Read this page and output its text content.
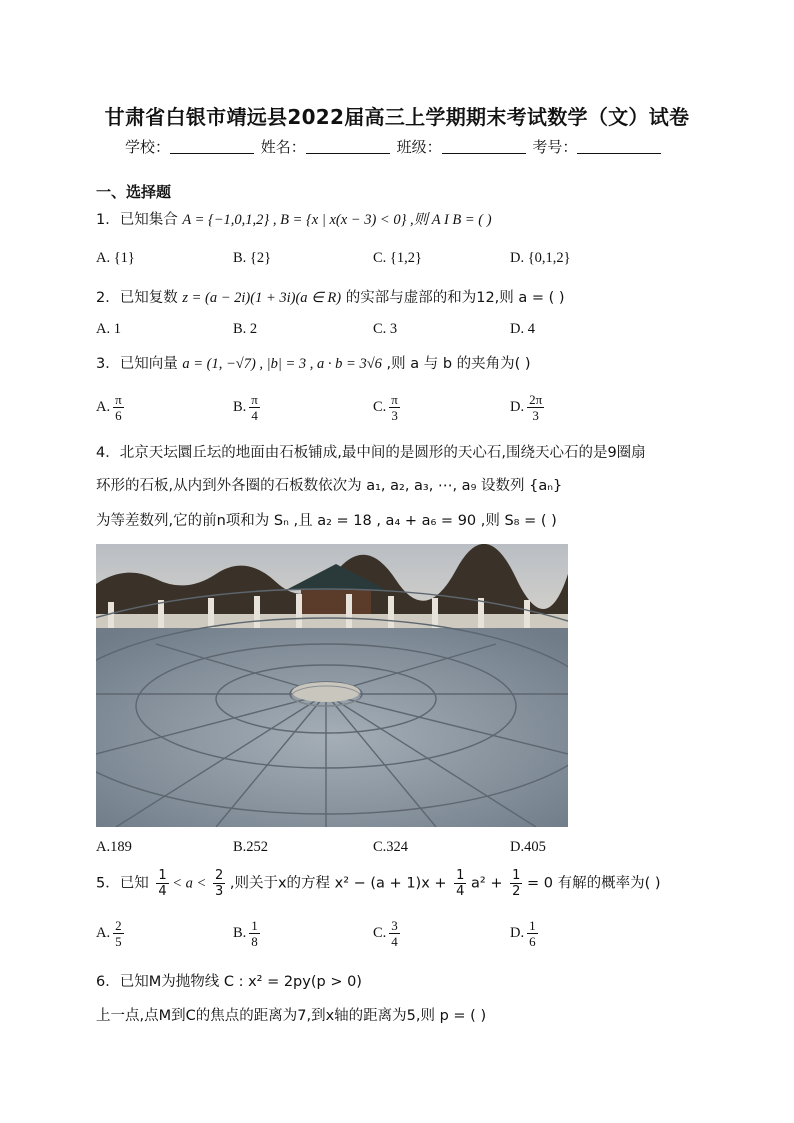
甘肃省白银市靖远县2022届高三上学期期末考试数学（文）试卷
学校：	姓名：	班级：	考号：
一、选择题
1．已知集合 A = {−1,0,1,2} , B = {x | x(x − 3) < 0} ,则 A I B = ( )
A. {1}	B. {2}	C. {1,2}	D. {0,1,2}
2．已知复数 z = (a − 2i)(1 + 3i)(a ∈ R) 的实部与虚部的和为12,则 a = ( )
A. 1	B. 2	C. 3	D. 4
3．已知向量 a = (1, −√7) , |b| = 3 , a · b = 3√6 ,则 a 与 b 的夹角为( )
A. $\frac{\pi}{6}$	B. $\frac{\pi}{4}$	C. $\frac{\pi}{3}$	D. $\frac{2\pi}{3}$
4．北京天坛圜丘坛的地面由石板铺成,最中间的是圆形的天心石,围绕天心石的是9圈扇
环形的石板,从内到外各圈的石板数依次为 a₁, a₂, a₃, ⋯, a₉ 设数列 {aₙ}
为等差数列,它的前n项和为 Sₙ ,且 a₂ = 18 , a₄ + a₆ = 90 ,则 S₈ = ( )
A.189	B.252	C.324	D.405
5．已知 $\frac{1}{4} < a < \frac{2}{3}$ ,则关于x的方程 $x^2 - (a + 1)x + \frac{1}{4} a^2 + \frac{1}{2} = 0$ 有解的概率为( )
A. $\frac{2}{5}$	B. $\frac{1}{8}$	C. $\frac{3}{4}$	D. $\frac{1}{6}$
6．已知M为抛物线 C : x² = 2py(p > 0)
上一点,点M到C的焦点的距离为7,到x轴的距离为5,则 p = ( )
